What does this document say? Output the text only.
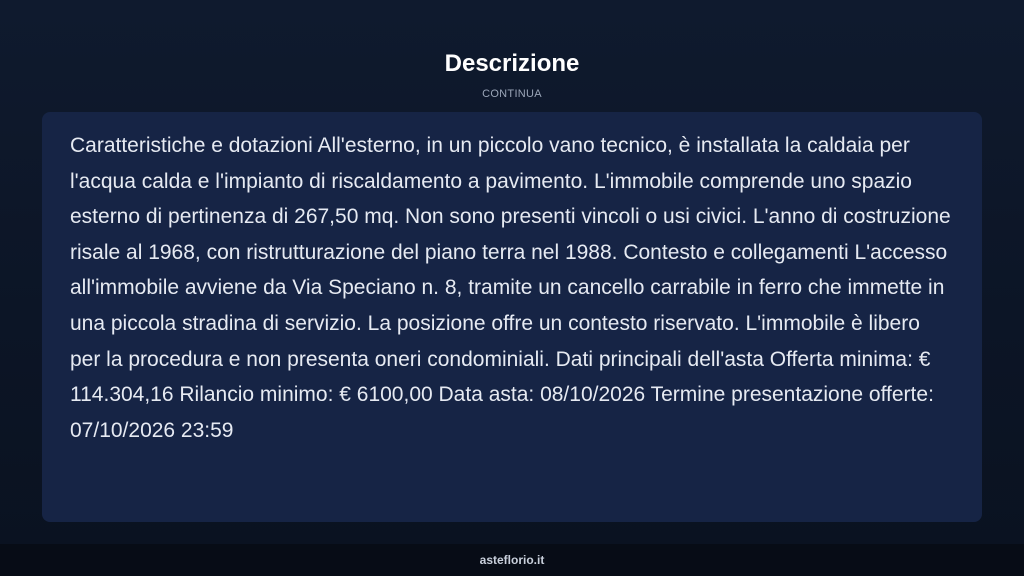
Descrizione
CONTINUA

Caratteristiche e dotazioni All'esterno, in un piccolo vano tecnico, è installata la caldaia per l'acqua calda e l'impianto di riscaldamento a pavimento. L'immobile comprende uno spazio esterno di pertinenza di 267,50 mq. Non sono presenti vincoli o usi civici. L'anno di costruzione risale al 1968, con ristrutturazione del piano terra nel 1988. Contesto e collegamenti L'accesso all'immobile avviene da Via Speciano n. 8, tramite un cancello carrabile in ferro che immette in una piccola stradina di servizio. La posizione offre un contesto riservato. L'immobile è libero per la procedura e non presenta oneri condominiali. Dati principali dell'asta Offerta minima: € 114.304,16 Rilancio minimo: € 6100,00 Data asta: 08/10/2026 Termine presentazione offerte: 07/10/2026 23:59

asteflorio.it
